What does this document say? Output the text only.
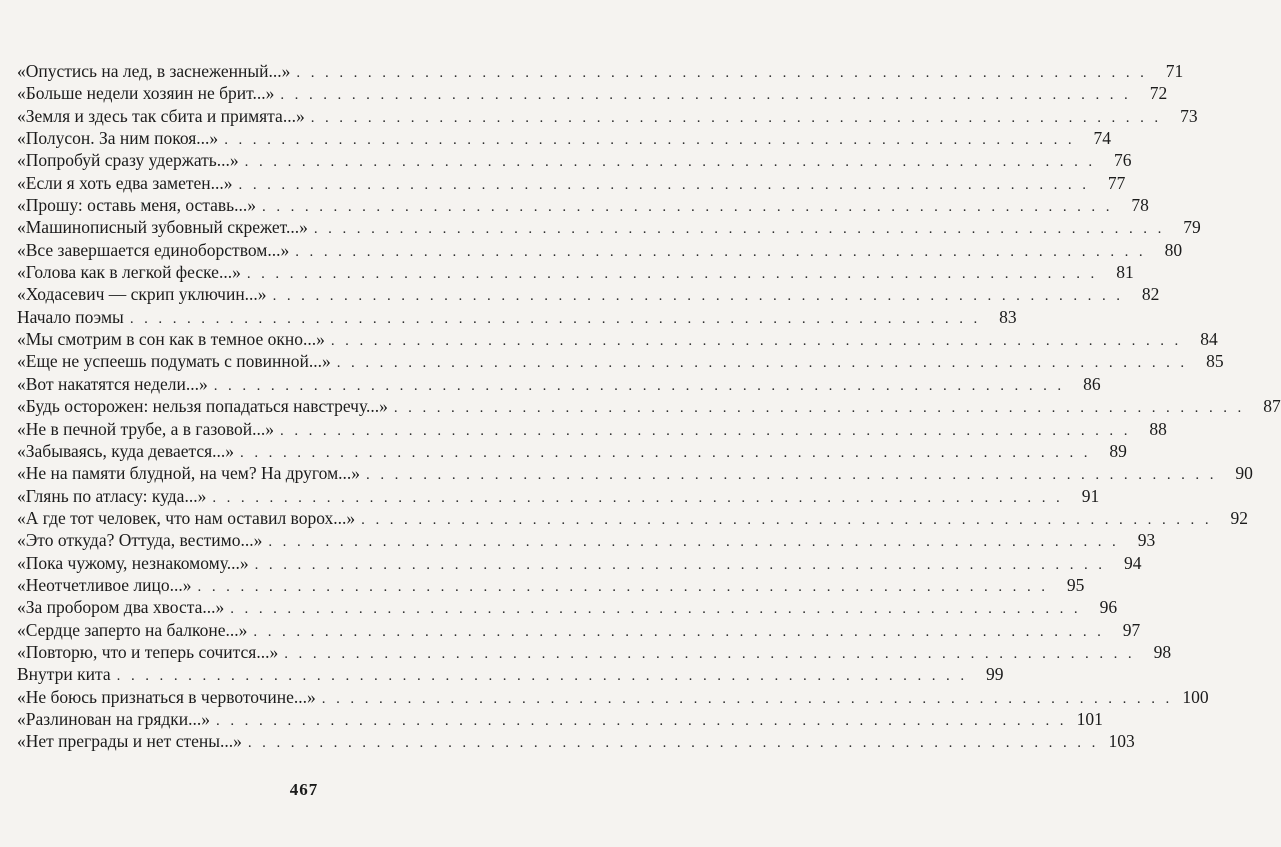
«Опустись на лед, в заснеженный...» . . . . . . . . . . . . . . . . . . . . . . . . . . . . . . . . . . . . . . . . . . . . . . . . . . . . . . . . . . . .	71
«Больше недели хозяин не брит...» . . . . . . . . . . . . . . . . . . . . . . . . . . . . . . . . . . . . . . . . . . . . . . . . . . . . . . . . . . . .	72
«Земля и здесь так сбита и примята...» . . . . . . . . . . . . . . . . . . . . . . . . . . . . . . . . . . . . . . . . . . . . . . . . . . . . . . . . . . . .	73
«Полусон. За ним покоя...» . . . . . . . . . . . . . . . . . . . . . . . . . . . . . . . . . . . . . . . . . . . . . . . . . . . . . . . . . . . .	74
«Попробуй сразу удержать...» . . . . . . . . . . . . . . . . . . . . . . . . . . . . . . . . . . . . . . . . . . . . . . . . . . . . . . . . . . . .	76
«Если я хоть едва заметен...» . . . . . . . . . . . . . . . . . . . . . . . . . . . . . . . . . . . . . . . . . . . . . . . . . . . . . . . . . . . .	77
«Прошу: оставь меня, оставь...» . . . . . . . . . . . . . . . . . . . . . . . . . . . . . . . . . . . . . . . . . . . . . . . . . . . . . . . . . . . .	78
«Машинописный зубовный скрежет...» . . . . . . . . . . . . . . . . . . . . . . . . . . . . . . . . . . . . . . . . . . . . . . . . . . . . . . . . . . . .	79
«Все завершается единоборством...» . . . . . . . . . . . . . . . . . . . . . . . . . . . . . . . . . . . . . . . . . . . . . . . . . . . . . . . . . . . .	80
«Голова как в легкой феске...» . . . . . . . . . . . . . . . . . . . . . . . . . . . . . . . . . . . . . . . . . . . . . . . . . . . . . . . . . . . .	81
«Ходасевич — скрип уключин...» . . . . . . . . . . . . . . . . . . . . . . . . . . . . . . . . . . . . . . . . . . . . . . . . . . . . . . . . . . . .	82
Начало поэмы . . . . . . . . . . . . . . . . . . . . . . . . . . . . . . . . . . . . . . . . . . . . . . . . . . . . . . . . . . . .	83
«Мы смотрим в сон как в темное окно...» . . . . . . . . . . . . . . . . . . . . . . . . . . . . . . . . . . . . . . . . . . . . . . . . . . . . . . . . . . . .	84
«Еще не успеешь подумать с повинной...» . . . . . . . . . . . . . . . . . . . . . . . . . . . . . . . . . . . . . . . . . . . . . . . . . . . . . . . . . . . .	85
«Вот накатятся недели...» . . . . . . . . . . . . . . . . . . . . . . . . . . . . . . . . . . . . . . . . . . . . . . . . . . . . . . . . . . . .	86
«Будь осторожен: нельзя попадаться навстречу...» . . . . . . . . . . . . . . . . . . . . . . . . . . . . . . . . . . . . . . . . . . . . . . . . . . . . . . . . . . . .	87
«Не в печной трубе, а в газовой...» . . . . . . . . . . . . . . . . . . . . . . . . . . . . . . . . . . . . . . . . . . . . . . . . . . . . . . . . . . . .	88
«Забываясь, куда девается...» . . . . . . . . . . . . . . . . . . . . . . . . . . . . . . . . . . . . . . . . . . . . . . . . . . . . . . . . . . . .	89
«Не на памяти блудной, на чем? На другом...» . . . . . . . . . . . . . . . . . . . . . . . . . . . . . . . . . . . . . . . . . . . . . . . . . . . . . . . . . . . .	90
«Глянь по атласу: куда...» . . . . . . . . . . . . . . . . . . . . . . . . . . . . . . . . . . . . . . . . . . . . . . . . . . . . . . . . . . . .	91
«А где тот человек, что нам оставил ворох...» . . . . . . . . . . . . . . . . . . . . . . . . . . . . . . . . . . . . . . . . . . . . . . . . . . . . . . . . . . . .	92
«Это откуда? Оттуда, вестимо...» . . . . . . . . . . . . . . . . . . . . . . . . . . . . . . . . . . . . . . . . . . . . . . . . . . . . . . . . . . . .	93
«Пока чужому, незнакомому...» . . . . . . . . . . . . . . . . . . . . . . . . . . . . . . . . . . . . . . . . . . . . . . . . . . . . . . . . . . . .	94
«Неотчетливое лицо...» . . . . . . . . . . . . . . . . . . . . . . . . . . . . . . . . . . . . . . . . . . . . . . . . . . . . . . . . . . . .	95
«За пробором два хвоста...» . . . . . . . . . . . . . . . . . . . . . . . . . . . . . . . . . . . . . . . . . . . . . . . . . . . . . . . . . . . .	96
«Сердце заперто на балконе...» . . . . . . . . . . . . . . . . . . . . . . . . . . . . . . . . . . . . . . . . . . . . . . . . . . . . . . . . . . . .	97
«Повторю, что и теперь сочится...» . . . . . . . . . . . . . . . . . . . . . . . . . . . . . . . . . . . . . . . . . . . . . . . . . . . . . . . . . . . .	98
Внутри кита . . . . . . . . . . . . . . . . . . . . . . . . . . . . . . . . . . . . . . . . . . . . . . . . . . . . . . . . . . . .	99
«Не боюсь признаться в червоточине...» . . . . . . . . . . . . . . . . . . . . . . . . . . . . . . . . . . . . . . . . . . . . . . . . . . . . . . . . . . . . 100
«Разлинован на грядки...» . . . . . . . . . . . . . . . . . . . . . . . . . . . . . . . . . . . . . . . . . . . . . . . . . . . . . . . . . . . . 101
«Нет преграды и нет стены...» . . . . . . . . . . . . . . . . . . . . . . . . . . . . . . . . . . . . . . . . . . . . . . . . . . . . . . . . . . . . 103
467
